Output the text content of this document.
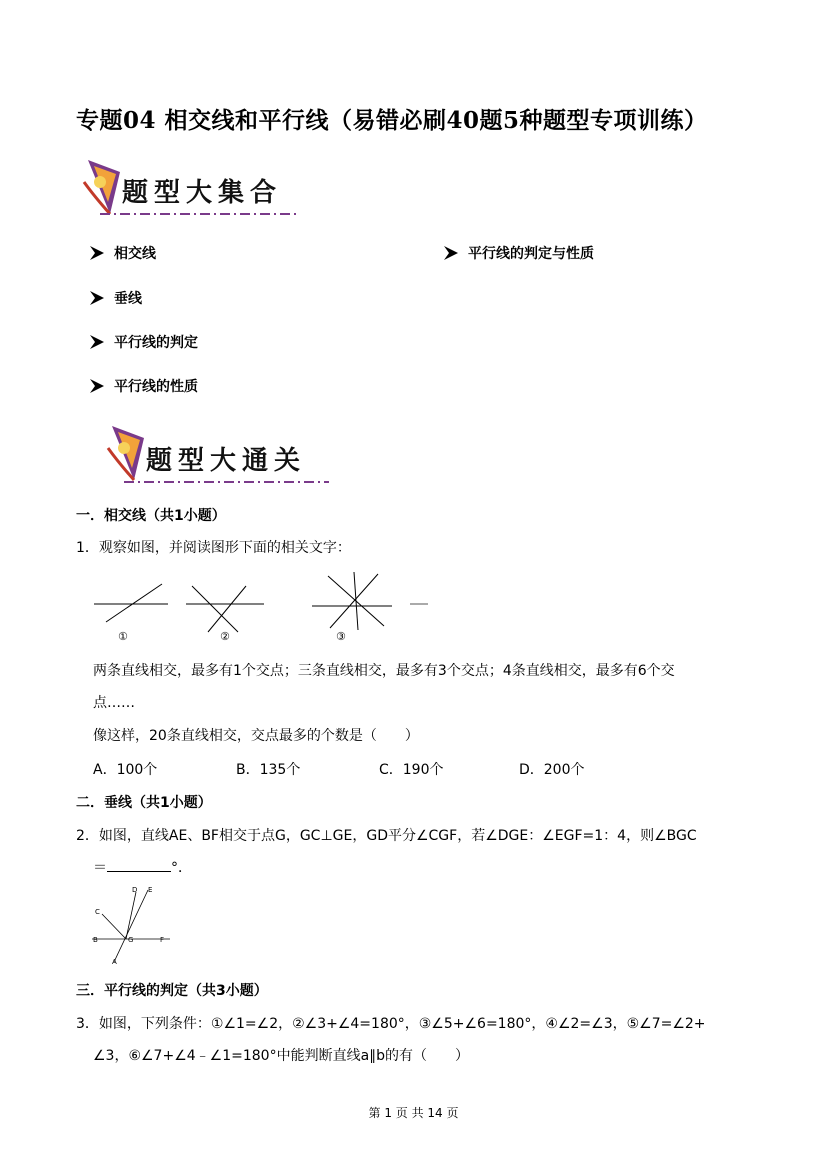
专题04 相交线和平行线（易错必刷40题5种题型专项训练）
题型大集合
相交线	平行线的判定与性质
垂线
平行线的判定
平行线的性质
题型大通关
一．相交线（共1小题）
1．观察如图，并阅读图形下面的相关文字：
①	②	③
两条直线相交，最多有1个交点；三条直线相交，最多有3个交点；4条直线相交，最多有6个交
点……
像这样，20条直线相交，交点最多的个数是（　　）
A．100个	B．135个	C．190个	D．200个
二．垂线（共1小题）
2．如图，直线AE、BF相交于点G，GC⊥GE，GD平分∠CGF，若∠DGE：∠EGF=1：4，则∠BGC
＝	°．
D E
C
B	G	F
A
三．平行线的判定（共3小题）
3．如图，下列条件：①∠1=∠2，②∠3+∠4=180°，③∠5+∠6=180°，④∠2=∠3，⑤∠7=∠2+
∠3，⑥∠7+∠4﹣∠1=180°中能判断直线a∥b的有（　　）
第 1 页 共 14 页
